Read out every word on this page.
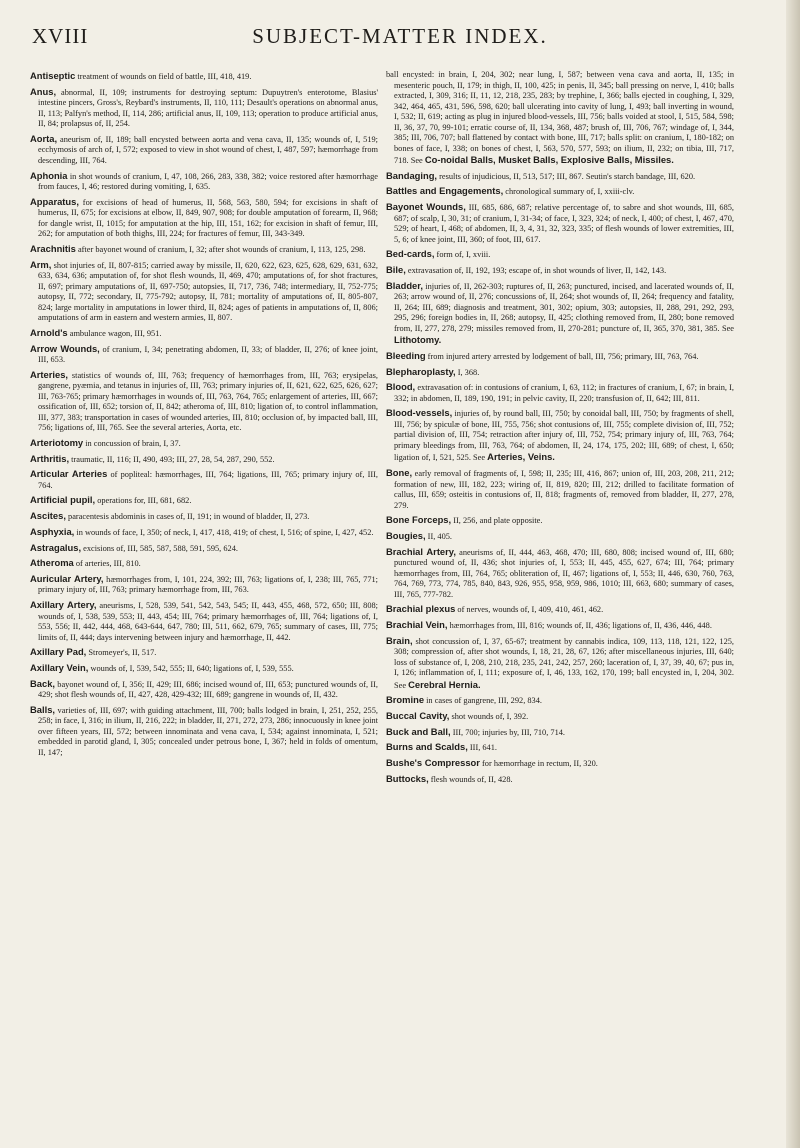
XVIII	SUBJECT-MATTER INDEX.

Antiseptic treatment of wounds on field of battle, III, 418, 419.

Anus, abnormal, II, 109; instruments for destroying septum: Dupuytren's enterotome, Blasius' intestine pincers, Gross's, Reybard's instruments, II, 110, 111; Desault's operations on abnormal anus, II, 113; Palfyn's method, II, 114, 286; artificial anus, II, 109, 113; operation to produce artificial anus, II, 84; prolapsus of, II, 254.

Aorta, aneurism of, II, 189; ball encysted between aorta and vena cava, II, 135; wounds of, I, 519; ecchymosis of arch of, I, 572; exposed to view in shot wound of chest, I, 487, 597; hæmorrhage from descending, III, 764.

Aphonia in shot wounds of cranium, I, 47, 108, 266, 283, 338, 382; voice restored after hæmorrhage from fauces, I, 46; restored during vomiting, I, 635.

Apparatus, for excisions of head of humerus, II, 568, 563, 580, 594; for excisions in shaft of humerus, II, 675; for excisions at elbow, II, 849, 907, 908; for double amputation of forearm, II, 968; for dangle wrist, II, 1015; for amputation at the hip, III, 151, 162; for excision in shaft of femur, III, 262; for amputation of both thighs, III, 224; for fractures of femur, III, 343-349.

Arachnitis after bayonet wound of cranium, I, 32; after shot wounds of cranium, I, 113, 125, 298.

Arm, shot injuries of, II, 807-815; carried away by missile, II, 620, 622, 623, 625, 628, 629, 631, 632, 633, 634, 636; amputation of, for shot flesh wounds, II, 469, 470; amputations of, for shot fractures, II, 697; primary amputations of, II, 697-750; autopsies, II, 717, 736, 748; intermediary, II, 752-775; autopsy, II, 772; secondary, II, 775-792; autopsy, II, 781; mortality of amputations of, II, 805-807, 824; large mortality in amputations in lower third, II, 824; ages of patients in amputations of, II, 806; amputations of arm in eastern and western armies, II, 807.

Arnold's ambulance wagon, III, 951.

Arrow Wounds, of cranium, I, 34; penetrating abdomen, II, 33; of bladder, II, 276; of knee joint, III, 653.

Arteries, statistics of wounds of, III, 763; frequency of hæmorrhages from, III, 763; erysipelas, gangrene, pyæmia, and tetanus in injuries of, III, 763; primary injuries of, II, 621, 622, 625, 626, 627; III, 763-765; primary hæmorrhages in wounds of, III, 763, 764, 765; enlargement of arteries, III, 667; ossification of, III, 652; torsion of, II, 842; atheroma of, III, 810; ligation of, to control inflammation, III, 377, 383; transportation in cases of wounded arteries, III, 810; occlusion of, by impacted ball, III, 756; ligations of, III, 765. See the several arteries, Aorta, etc.

Arteriotomy in concussion of brain, I, 37.

Arthritis, traumatic, II, 116; II, 490, 493; III, 27, 28, 54, 287, 290, 552.

Articular Arteries of popliteal: hæmorrhages, III, 764; ligations, III, 765; primary injury of, III, 764.

Artificial pupil, operations for, III, 681, 682.

Ascites, paracentesis abdominis in cases of, II, 191; in wound of bladder, II, 273.

Asphyxia, in wounds of face, I, 350; of neck, I, 417, 418, 419; of chest, I, 516; of spine, I, 427, 452.

Astragalus, excisions of, III, 585, 587, 588, 591, 595, 624.

Atheroma of arteries, III, 810.

Auricular Artery, hæmorrhages from, I, 101, 224, 392; III, 763; ligations of, I, 238; III, 765, 771; primary injury of, III, 763; primary hæmorrhage from, III, 763.

Axillary Artery, aneurisms, I, 528, 539, 541, 542, 543, 545; II, 443, 455, 468, 572, 650; III, 808; wounds of, I, 538, 539, 553; II, 443, 454; III, 764; primary hæmorrhages of, III, 764; ligations of, I, 553, 556; II, 442, 444, 468, 643-644, 647, 780; III, 511, 662, 679, 765; summary of cases, III, 775; limits of, II, 444; days intervening between injury and hæmorrhage, II, 442.

Axillary Pad, Stromeyer's, II, 517.

Axillary Vein, wounds of, I, 539, 542, 555; II, 640; ligations of, I, 539, 555.

Back, bayonet wound of, I, 356; II, 429; III, 686; incised wound of, III, 653; punctured wounds of, II, 429; shot flesh wounds of, II, 427, 428, 429-432; III, 689; gangrene in wounds of, II, 432.

Balls, varieties of, III, 697; with guiding attachment, III, 700; balls lodged in brain, I, 251, 252, 255, 258; in face, I, 316; in ilium, II, 216, 222; in bladder, II, 271, 272, 273, 286; innocuously in knee joint over fifteen years, III, 572; between innominata and vena cava, I, 534; against innominata, I, 521; embedded in parotid gland, I, 305; concealed under petrous bone, I, 367; held in folds of omentum, II, 147;

ball encysted: in brain, I, 204, 302; near lung, I, 587; between vena cava and aorta, II, 135; in mesenteric pouch, II, 179; in thigh, II, 100, 425; in penis, II, 345; ball pressing on nerve, I, 410; balls extracted, I, 309, 316; II, 11, 12, 218, 235, 283; by trephine, I, 366; balls ejected in coughing, I, 329, 342, 464, 465, 431, 596, 598, 620; ball ulcerating into cavity of lung, I, 493; ball inverting in wound, I, 532; II, 619; acting as plug in injured blood-vessels, III, 756; balls voided at stool, I, 515, 584, 598; II, 36, 37, 70, 99-101; erratic course of, II, 134, 368, 487; brush of, III, 706, 767; windage of, I, 344, 385; III, 706, 707; ball flattened by contact with bone, III, 717; balls split: on cranium, I, 180-182; on bones of face, I, 338; on bones of chest, I, 563, 570, 577, 593; on ilium, II, 232; on tibia, III, 717, 718. See Co-noidal Balls, Musket Balls, Explosive Balls, Missiles.

Bandaging, results of injudicious, II, 513, 517; III, 867. Seutin's starch bandage, III, 620.

Battles and Engagements, chronological summary of, I, xxiii-clv.

Bayonet Wounds, III, 685, 686, 687; relative percentage of, to sabre and shot wounds, III, 685, 687; of scalp, I, 30, 31; of cranium, I, 31-34; of face, I, 323, 324; of neck, I, 400; of chest, I, 467, 470, 529; of heart, I, 468; of abdomen, II, 3, 4, 31, 32, 323, 335; of flesh wounds of lower extremities, III, 5, 6; of knee joint, III, 360; of foot, III, 617.

Bed-cards, form of, I, xviii.

Bile, extravasation of, II, 192, 193; escape of, in shot wounds of liver, II, 142, 143.

Bladder, injuries of, II, 262-303; ruptures of, II, 263; punctured, incised, and lacerated wounds of, II, 263; arrow wound of, II, 276; concussions of, II, 264; shot wounds of, II, 264; frequency and fatality, II, 264; III, 689; diagnosis and treatment, 301, 302; opium, 303; autopsies, II, 288, 291, 292, 293, 295, 296; foreign bodies in, II, 268; autopsy, II, 425; clothing removed from, II, 280; bone removed from, II, 277, 278, 279; missiles removed from, II, 270-281; puncture of, II, 365, 370, 381, 385. See Lithotomy.

Bleeding from injured artery arrested by lodgement of ball, III, 756; primary, III, 763, 764.

Blepharoplasty, I, 368.

Blood, extravasation of: in contusions of cranium, I, 63, 112; in fractures of cranium, I, 67; in brain, I, 332; in abdomen, II, 189, 190, 191; in pelvic cavity, II, 220; transfusion of, II, 642; III, 811.

Blood-vessels, injuries of, by round ball, III, 750; by conoidal ball, III, 750; by fragments of shell, III, 756; by spiculæ of bone, III, 755, 756; shot contusions of, III, 755; complete division of, III, 752; partial division of, III, 754; retraction after injury of, III, 752, 754; primary injury of, III, 763, 764; primary bleedings from, III, 763, 764; of abdomen, II, 24, 174, 175, 202; III, 689; of chest, I, 650; ligation of, I, 521, 525. See Arteries, Veins.

Bone, early removal of fragments of, I, 598; II, 235; III, 416, 867; union of, III, 203, 208, 211, 212; formation of new, III, 182, 223; wiring of, II, 819, 820; III, 212; drilled to facilitate formation of callus, III, 659; osteitis in contusions of, II, 818; fragments of, removed from bladder, II, 277, 278, 279.

Bone Forceps, II, 256, and plate opposite.

Bougies, II, 405.

Brachial Artery, aneurisms of, II, 444, 463, 468, 470; III, 680, 808; incised wound of, III, 680; punctured wound of, II, 436; shot injuries of, I, 553; II, 445, 455, 627, 674; III, 764; primary hæmorrhages from, III, 764, 765; obliteration of, II, 467; ligations of, I, 553; II, 446, 630, 760, 763, 764, 769, 773, 774, 785, 840, 843, 926, 955, 958, 959, 986, 1010; III, 663, 680; summary of cases, III, 765, 777-782.

Brachial plexus of nerves, wounds of, I, 409, 410, 461, 462.

Brachial Vein, hæmorrhages from, III, 816; wounds of, II, 436; ligations of, II, 436, 446, 448.

Brain, shot concussion of, I, 37, 65-67; treatment by cannabis indica, 109, 113, 118, 121, 122, 125, 308; compression of, after shot wounds, I, 18, 21, 28, 67, 126; after miscellaneous injuries, III, 640; loss of substance of, I, 208, 210, 218, 235, 241, 242, 257, 260; laceration of, I, 37, 39, 40, 67; pus in, I, 126; inflammation of, I, 111; exposure of, I, 46, 133, 162, 170, 199; ball encysted in, I, 204, 302. See Cerebral Hernia.

Bromine in cases of gangrene, III, 292, 834.

Buccal Cavity, shot wounds of, I, 392.

Buck and Ball, III, 700; injuries by, III, 710, 714.

Burns and Scalds, III, 641.

Bushe's Compressor for hæmorrhage in rectum, II, 320.

Buttocks, flesh wounds of, II, 428.
